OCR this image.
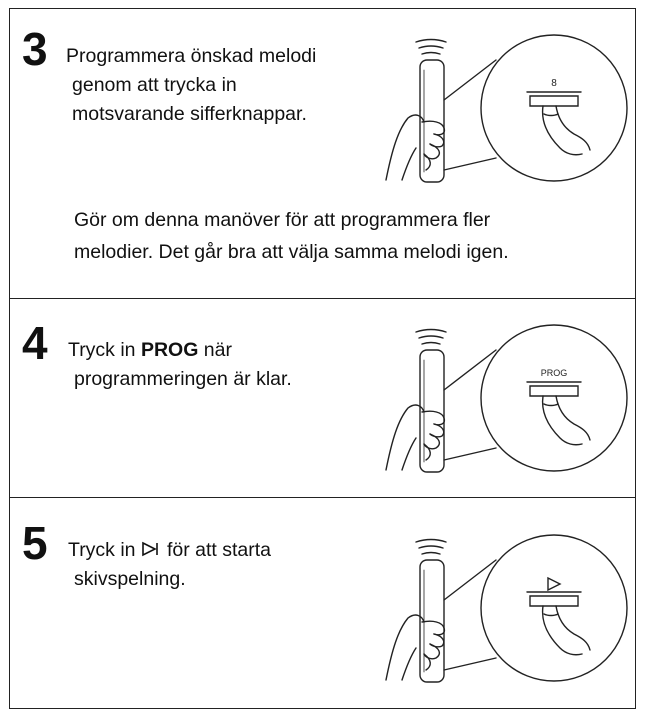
3 Programmera önskad melodi
genom att trycka in
motsvarande sifferknappar.
8
Gör om denna manöver för att programmera fler
melodier. Det går bra att välja samma melodi igen.
4 Tryck in PROG när
programmeringen är klar.	PROG
5 Tryck in för att starta
skivspelning.
